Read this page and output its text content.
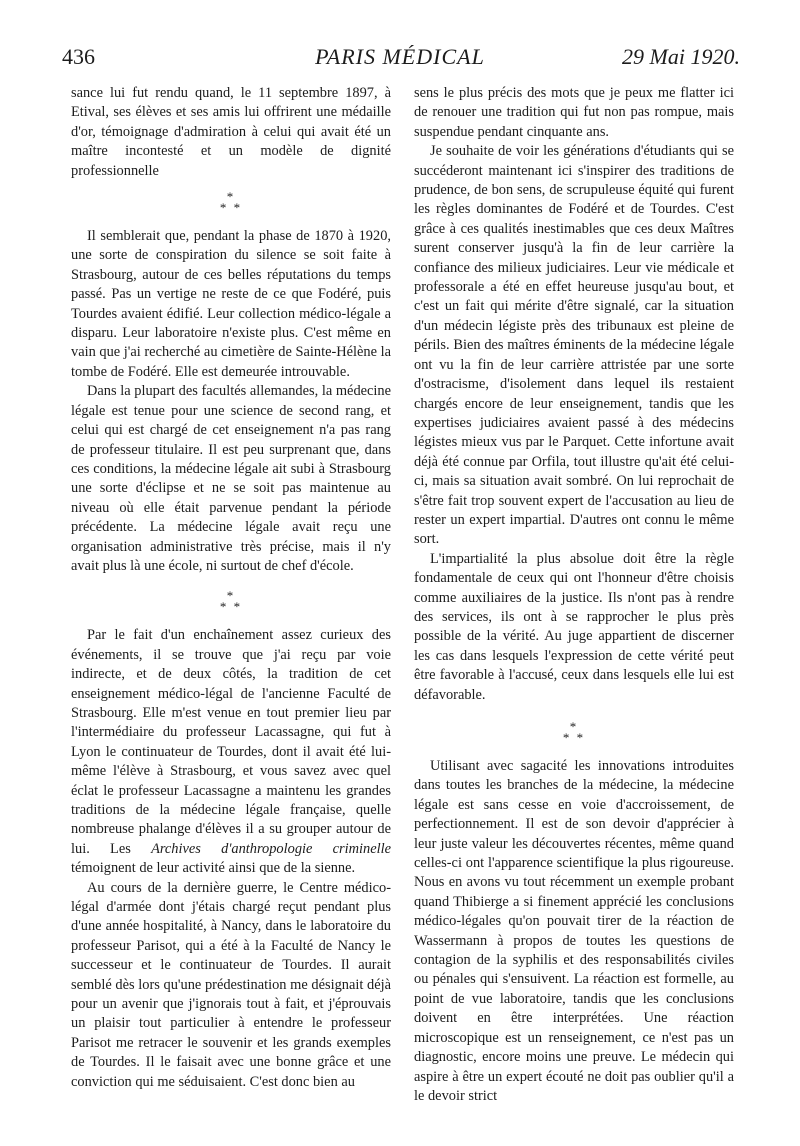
436	PARIS MÉDICAL	29 Mai 1920.

sance lui fut rendu quand, le 11 septembre 1897, à Etival, ses élèves et ses amis lui offrirent une médaille d'or, témoignage d'admiration à celui qui avait été un maître incontesté et un modèle de dignité professionnelle

*
* *

Il semblerait que, pendant la phase de 1870 à 1920, une sorte de conspiration du silence se soit faite à Strasbourg, autour de ces belles réputations du temps passé. Pas un vertige ne reste de ce que Fodéré, puis Tourdes avaient édifié. Leur collection médico-légale a disparu. Leur laboratoire n'existe plus. C'est même en vain que j'ai recherché au cimetière de Sainte-Hélène la tombe de Fodéré. Elle est demeurée introuvable.

Dans la plupart des facultés allemandes, la médecine légale est tenue pour une science de second rang, et celui qui est chargé de cet enseignement n'a pas rang de professeur titulaire. Il est peu surprenant que, dans ces conditions, la médecine légale ait subi à Strasbourg une sorte d'éclipse et ne se soit pas maintenue au niveau où elle était parvenue pendant la période précédente. La médecine légale avait reçu une organisation administrative très précise, mais il n'y avait plus là une école, ni surtout de chef d'école.

*
* *

Par le fait d'un enchaînement assez curieux des événements, il se trouve que j'ai reçu par voie indirecte, et de deux côtés, la tradition de cet enseignement médico-légal de l'ancienne Faculté de Strasbourg. Elle m'est venue en tout premier lieu par l'intermédiaire du professeur Lacassagne, qui fut à Lyon le continuateur de Tourdes, dont il avait été lui-même l'élève à Strasbourg, et vous savez avec quel éclat le professeur Lacassagne a maintenu les grandes traditions de la médecine légale française, quelle nombreuse phalange d'élèves il a su grouper autour de lui. Les Archives d'anthropologie criminelle témoignent de leur activité ainsi que de la sienne.

Au cours de la dernière guerre, le Centre médico-légal d'armée dont j'étais chargé reçut pendant plus d'une année hospitalité, à Nancy, dans le laboratoire du professeur Parisot, qui a été à la Faculté de Nancy le successeur et le continuateur de Tourdes. Il aurait semblé dès lors qu'une prédestination me désignait déjà pour un avenir que j'ignorais tout à fait, et j'éprouvais un plaisir tout particulier à entendre le professeur Parisot me retracer le souvenir et les grands exemples de Tourdes. Il le faisait avec une bonne grâce et une conviction qui me séduisaient. C'est donc bien au

sens le plus précis des mots que je peux me flatter ici de renouer une tradition qui fut non pas rompue, mais suspendue pendant cinquante ans.

Je souhaite de voir les générations d'étudiants qui se succéderont maintenant ici s'inspirer des traditions de prudence, de bon sens, de scrupuleuse équité qui furent les règles dominantes de Fodéré et de Tourdes. C'est grâce à ces qualités inestimables que ces deux Maîtres surent conserver jusqu'à la fin de leur carrière la confiance des milieux judiciaires. Leur vie médicale et professorale a été en effet heureuse jusqu'au bout, et c'est un fait qui mérite d'être signalé, car la situation d'un médecin légiste près des tribunaux est pleine de périls. Bien des maîtres éminents de la médecine légale ont vu la fin de leur carrière attristée par une sorte d'ostracisme, d'isolement dans lequel ils restaient chargés encore de leur enseignement, tandis que les expertises judiciaires avaient passé à des médecins légistes mieux vus par le Parquet. Cette infortune avait déjà été connue par Orfila, tout illustre qu'ait été celui-ci, mais sa situation avait sombré. On lui reprochait de s'être fait trop souvent expert de l'accusation au lieu de rester un expert impartial. D'autres ont connu le même sort.

L'impartialité la plus absolue doit être la règle fondamentale de ceux qui ont l'honneur d'être choisis comme auxiliaires de la justice. Ils n'ont pas à rendre des services, ils ont à se rapprocher le plus près possible de la vérité. Au juge appartient de discerner les cas dans lesquels l'expression de cette vérité peut être favorable à l'accusé, ceux dans lesquels elle lui est défavorable.

*
* *

Utilisant avec sagacité les innovations introduites dans toutes les branches de la médecine, la médecine légale est sans cesse en voie d'accroissement, de perfectionnement. Il est de son devoir d'apprécier à leur juste valeur les découvertes récentes, même quand celles-ci ont l'apparence scientifique la plus rigoureuse. Nous en avons vu tout récemment un exemple probant quand Thibierge a si finement apprécié les conclusions médico-légales qu'on pouvait tirer de la réaction de Wassermann à propos de toutes les questions de contagion de la syphilis et des responsabilités civiles ou pénales qui s'ensuivent. La réaction est formelle, au point de vue laboratoire, tandis que les conclusions doivent en être interprétées. Une réaction microscopique est un renseignement, ce n'est pas un diagnostic, encore moins une preuve. Le médecin qui aspire à être un expert écouté ne doit pas oublier qu'il a le devoir strict
